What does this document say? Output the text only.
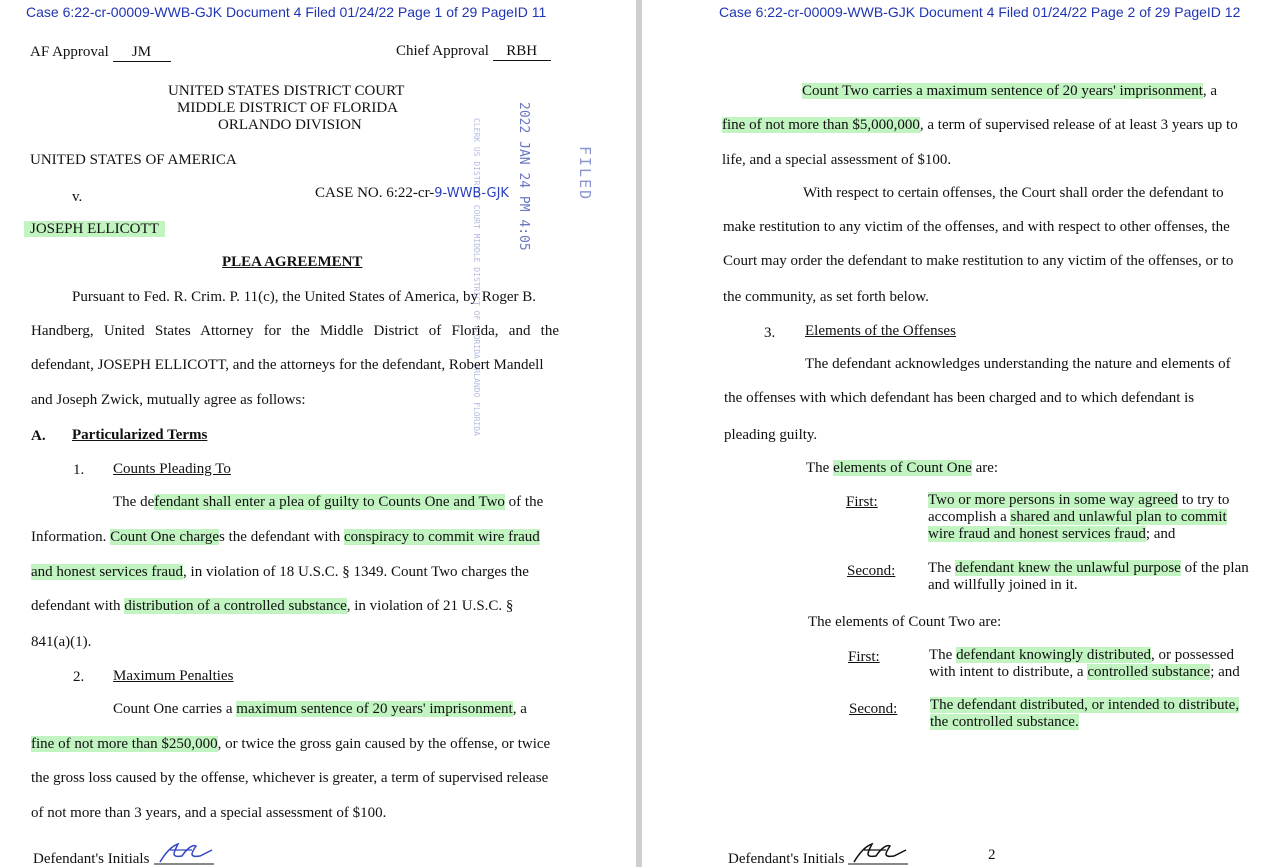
Case 6:22-cr-00009-WWB-GJK Document 4 Filed 01/24/22 Page 1 of 29 PageID 11
AF Approval JM	Chief Approval RBH
UNITED STATES DISTRICT COURT
MIDDLE DISTRICT OF FLORIDA
ORLANDO DIVISION	CLERK US DISTRICT COURT MIDDLE DISTRICT OF FLORIDA ORLANDO FLORIDA	2022 JAN 24 PM 4:05	FILED
UNITED STATES OF AMERICA
v.	CASE NO. 6:22-cr-9-WWB-GJK
JOSEPH ELLICOTT
PLEA AGREEMENT
Pursuant to Fed. R. Crim. P. 11(c), the United States of America, by Roger B.
Handberg, United States Attorney for the Middle District of Florida, and the
defendant, JOSEPH ELLICOTT, and the attorneys for the defendant, Robert Mandell
and Joseph Zwick, mutually agree as follows:
A. Particularized Terms
1. Counts Pleading To
The defendant shall enter a plea of guilty to Counts One and Two of the
Information. Count One charges the defendant with conspiracy to commit wire fraud
and honest services fraud, in violation of 18 U.S.C. § 1349. Count Two charges the
defendant with distribution of a controlled substance, in violation of 21 U.S.C. §
841(a)(1).
2. Maximum Penalties
Count One carries a maximum sentence of 20 years' imprisonment, a
fine of not more than $250,000, or twice the gross gain caused by the offense, or twice
the gross loss caused by the offense, whichever is greater, a term of supervised release
of not more than 3 years, and a special assessment of $100.
Defendant's Initials
Case 6:22-cr-00009-WWB-GJK Document 4 Filed 01/24/22 Page 2 of 29 PageID 12
Count Two carries a maximum sentence of 20 years' imprisonment, a
fine of not more than $5,000,000, a term of supervised release of at least 3 years up to
life, and a special assessment of $100.
With respect to certain offenses, the Court shall order the defendant to
make restitution to any victim of the offenses, and with respect to other offenses, the
Court may order the defendant to make restitution to any victim of the offenses, or to
the community, as set forth below.
3. Elements of the Offenses
The defendant acknowledges understanding the nature and elements of
the offenses with which defendant has been charged and to which defendant is
pleading guilty.
The elements of Count One are:
First:	Two or more persons in some way agreed to try to
accomplish a shared and unlawful plan to commit
wire fraud and honest services fraud; and
Second: The defendant knew the unlawful purpose of the plan
and willfully joined in it.
The elements of Count Two are:
First:	The defendant knowingly distributed, or possessed
with intent to distribute, a controlled substance; and
Second: The defendant distributed, or intended to distribute,
the controlled substance.
Defendant's Initials	2
